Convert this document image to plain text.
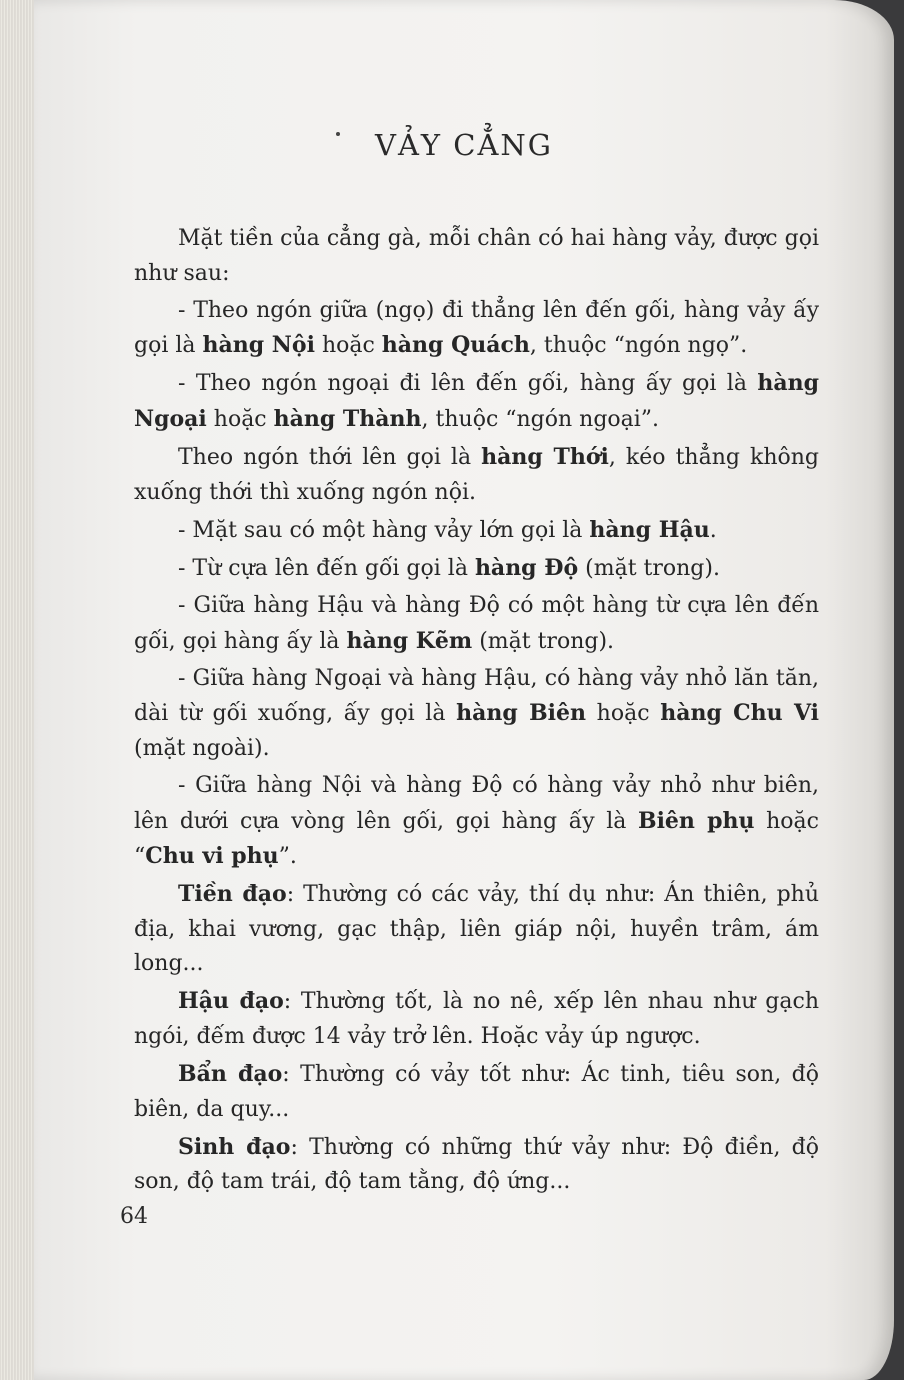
VẢY CẲNG

Mặt tiền của cẳng gà, mỗi chân có hai hàng vảy, được gọi như sau:

- Theo ngón giữa (ngọ) đi thẳng lên đến gối, hàng vảy ấy gọi là hàng Nội hoặc hàng Quách, thuộc “ngón ngọ”.

- Theo ngón ngoại đi lên đến gối, hàng ấy gọi là hàng Ngoại hoặc hàng Thành, thuộc “ngón ngoại”.

Theo ngón thới lên gọi là hàng Thới, kéo thẳng không xuống thới thì xuống ngón nội.

- Mặt sau có một hàng vảy lớn gọi là hàng Hậu.

- Từ cựa lên đến gối gọi là hàng Độ (mặt trong).

- Giữa hàng Hậu và hàng Độ có một hàng từ cựa lên đến gối, gọi hàng ấy là hàng Kẽm (mặt trong).

- Giữa hàng Ngoại và hàng Hậu, có hàng vảy nhỏ lăn tăn, dài từ gối xuống, ấy gọi là hàng Biên hoặc hàng Chu Vi (mặt ngoài).

- Giữa hàng Nội và hàng Độ có hàng vảy nhỏ như biên, lên dưới cựa vòng lên gối, gọi hàng ấy là Biên phụ hoặc “Chu vi phụ”.

Tiền đạo: Thường có các vảy, thí dụ như: Án thiên, phủ địa, khai vương, gạc thập, liên giáp nội, huyền trâm, ám long...

Hậu đạo: Thường tốt, là no nê, xếp lên nhau như gạch ngói, đếm được 14 vảy trở lên. Hoặc vảy úp ngược.

Bẩn đạo: Thường có vảy tốt như: Ác tinh, tiêu son, độ biên, da quy...

Sinh đạo: Thường có những thứ vảy như: Độ điền, độ son, độ tam trái, độ tam tằng, độ ứng...

64
